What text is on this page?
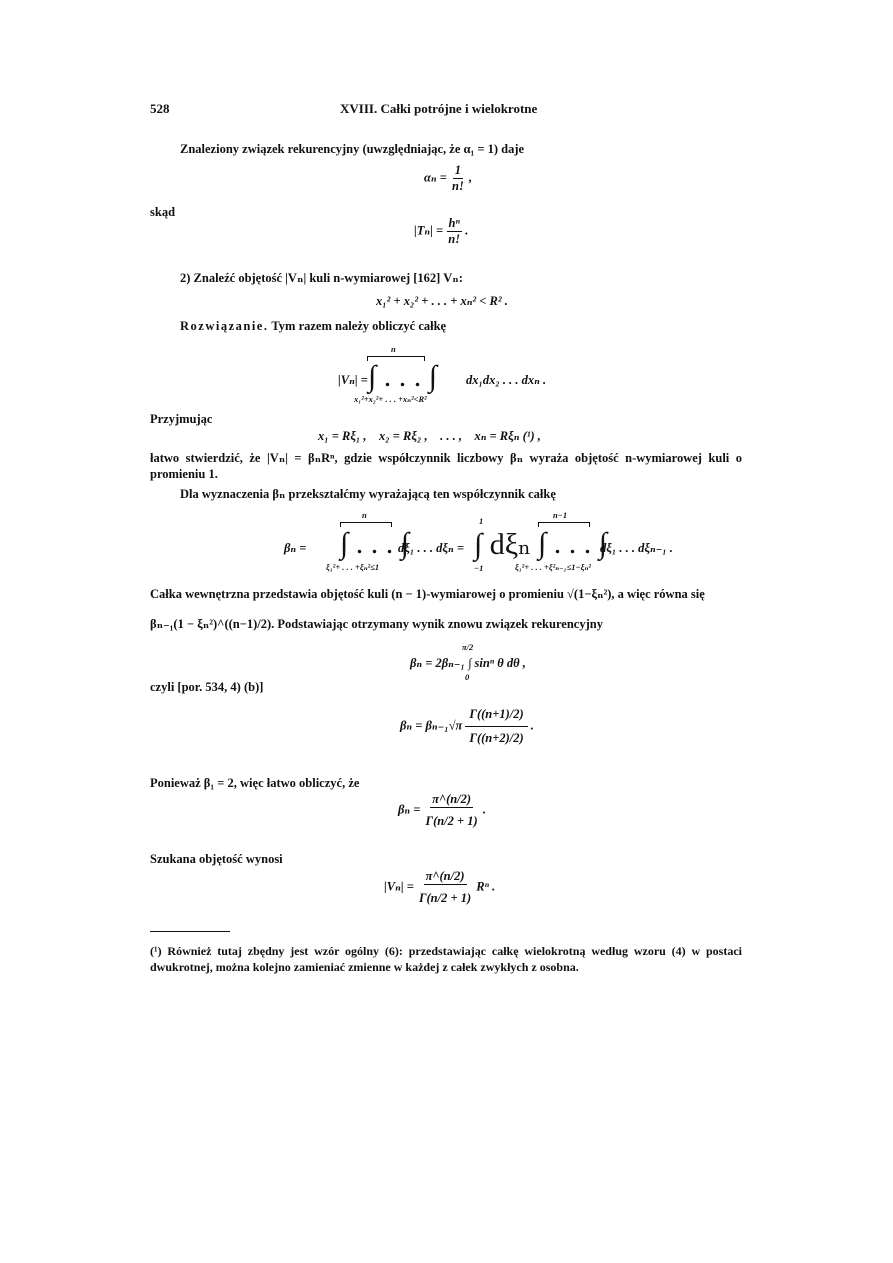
528	XVIII. Całki potrójne i wielokrotne
Znaleziony związek rekurencyjny (uwzględniając, że α₁ = 1) daje
$\alpha_n = \frac{1}{n!}$ ,
skąd
$|T_n| = \frac{\text{hⁿ}}{n!}$ .
2) Znaleźć objętość |Vₙ| kuli n-wymiarowej [162] Vₙ:
x₁² + x₂² + . . . + xₙ² < R² .
Rozwiązanie. Tym razem należy obliczyć całkę
|Vₙ| =
n
∫ . . . ∫
x₁²+x₂²+ . . . +xₙ²<R²
dx₁dx₂ . . . dxₙ .
Przyjmując
x₁ = Rξ₁ ,    x₂ = Rξ₂ ,    . . . ,    xₙ = Rξₙ (¹) ,
łatwo stwierdzić, że |Vₙ| = βₙRⁿ, gdzie współczynnik liczbowy βₙ wyraża objętość n-wymiarowej kuli o promieniu 1.
Dla wyznaczenia βₙ przekształćmy wyrażającą ten współczynnik całkę
βₙ =
n
∫ . . . ∫
ξ₁²+ . . . +ξₙ²≤1
dξ₁ . . . dξₙ =
1
∫ dξₙ
−1
n−1
∫ . . . ∫
ξ₁²+ . . . +ξ²ₙ₋₁≤1−ξₙ²
dξ₁ . . . dξₙ₋₁ .
Całka wewnętrzna przedstawia objętość kuli (n − 1)-wymiarowej o promieniu √(1−ξₙ²), a więc równa się
βₙ₋₁(1 − ξₙ²)^((n−1)/2). Podstawiając otrzymany wynik znowu związek rekurencyjny
π/2
βₙ = 2βₙ₋₁ ∫ sinⁿ θ dθ ,
0
czyli [por. 534, 4) (b)]
$\beta_n = \beta_{n-1}√\pi \frac{\Gamma((n+1)/2)}{\Gamma((n+2)/2)}$ .
Ponieważ β₁ = 2, więc łatwo obliczyć, że
$\beta_n = \frac{\pi\^{}(n/2)}{\Gamma(n/2 + 1)}$ .
Szukana objętość wynosi
$|V_n| = \frac{\pi\^{}(n/2)}{\Gamma(n/2 + 1)}$ Rⁿ .
(¹) Również tutaj zbędny jest wzór ogólny (6): przedstawiając całkę wielokrotną według wzoru (4) w postaci dwukrotnej, można kolejno zamieniać zmienne w każdej z całek zwykłych z osobna.
